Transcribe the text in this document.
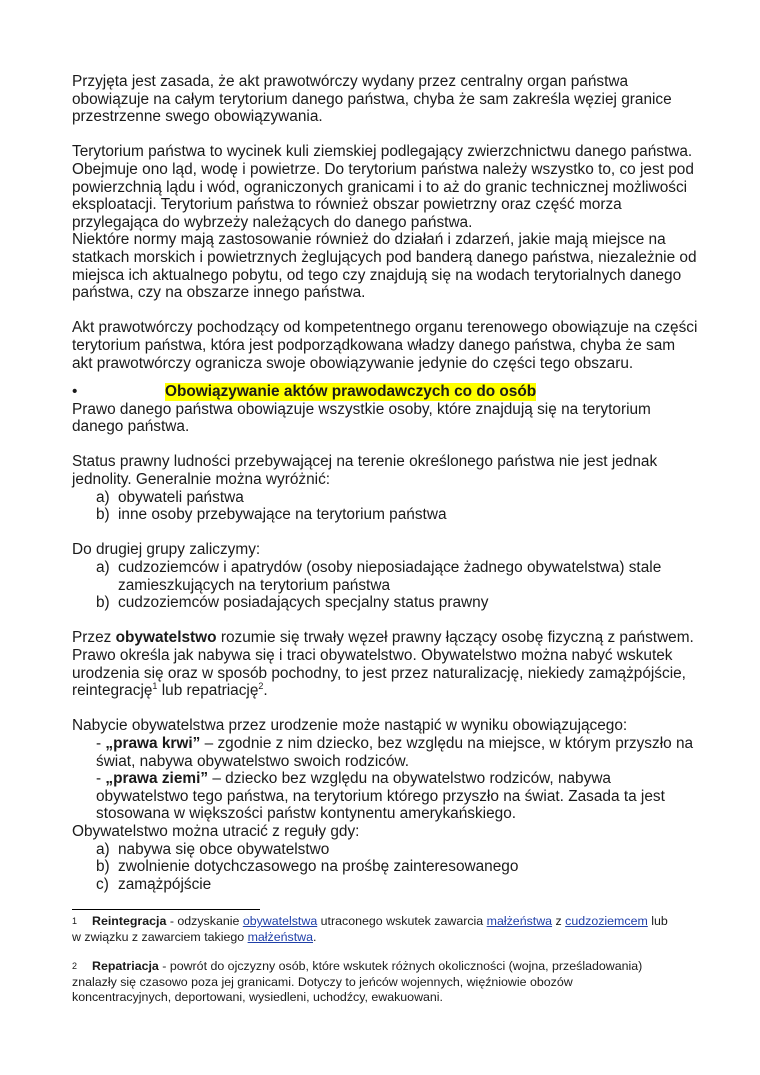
Przyjęta jest zasada, że akt prawotwórczy wydany przez centralny organ państwa obowiązuje na całym terytorium danego państwa, chyba że sam zakreśla węziej granice przestrzenne swego obowiązywania.

Terytorium państwa to wycinek kuli ziemskiej podlegający zwierzchnictwu danego państwa. Obejmuje ono ląd, wodę i powietrze. Do terytorium państwa należy wszystko to, co jest pod powierzchnią lądu i wód, ograniczonych granicami i to aż do granic technicznej możliwości eksploatacji. Terytorium państwa to również obszar powietrzny oraz część morza przylegająca do wybrzeży należących do danego państwa.

Niektóre normy mają zastosowanie również do działań i zdarzeń, jakie mają miejsce na statkach morskich i powietrznych żeglujących pod banderą danego państwa, niezależnie od miejsca ich aktualnego pobytu, od tego czy znajdują się na wodach terytorialnych danego państwa, czy na obszarze innego państwa.

Akt prawotwórczy pochodzący od kompetentnego organu terenowego obowiązuje na części terytorium państwa, która jest podporządkowana władzy danego państwa, chyba że sam akt prawotwórczy ogranicza swoje obowiązywanie jedynie do części tego obszaru.

•	Obowiązywanie aktów prawodawczych co do osób

Prawo danego państwa obowiązuje wszystkie osoby, które znajdują się na terytorium danego państwa.

Status prawny ludności przebywającej na terenie określonego państwa nie jest jednak jednolity. Generalnie można wyróżnić:

a) obywateli państwa
b) inne osoby przebywające na terytorium państwa

Do drugiej grupy zaliczymy:

a) cudzoziemców i apatrydów (osoby nieposiadające żadnego obywatelstwa) stale zamieszkujących na terytorium państwa
b) cudzoziemców posiadających specjalny status prawny

Przez obywatelstwo rozumie się trwały węzeł prawny łączący osobę fizyczną z państwem. Prawo określa jak nabywa się i traci obywatelstwo. Obywatelstwo można nabyć wskutek urodzenia się oraz w sposób pochodny, to jest przez naturalizację, niekiedy zamążpójście, reintegrację$^1$ lub repatriację$^2$.

Nabycie obywatelstwa przez urodzenie może nastąpić w wyniku obowiązującego:

- „prawa krwi” – zgodnie z nim dziecko, bez względu na miejsce, w którym przyszło na świat, nabywa obywatelstwo swoich rodziców.

- „prawa ziemi” – dziecko bez względu na obywatelstwo rodziców, nabywa obywatelstwo tego państwa, na terytorium którego przyszło na świat. Zasada ta jest stosowana w większości państw kontynentu amerykańskiego.

Obywatelstwo można utracić z reguły gdy:

a) nabywa się obce obywatelstwo
b) zwolnienie dotychczasowego na prośbę zainteresowanego
c) zamążpójście
1 Reintegracja - odzyskanie obywatelstwa utraconego wskutek zawarcia małżeństwa z cudzoziemcem lub w związku z zawarciem takiego małżeństwa.
2 Repatriacja - powrót do ojczyzny osób, które wskutek różnych okoliczności (wojna, prześladowania) znalazły się czasowo poza jej granicami. Dotyczy to jeńców wojennych, więźniowie obozów koncentracyjnych, deportowani, wysiedleni, uchodźcy, ewakuowani.
